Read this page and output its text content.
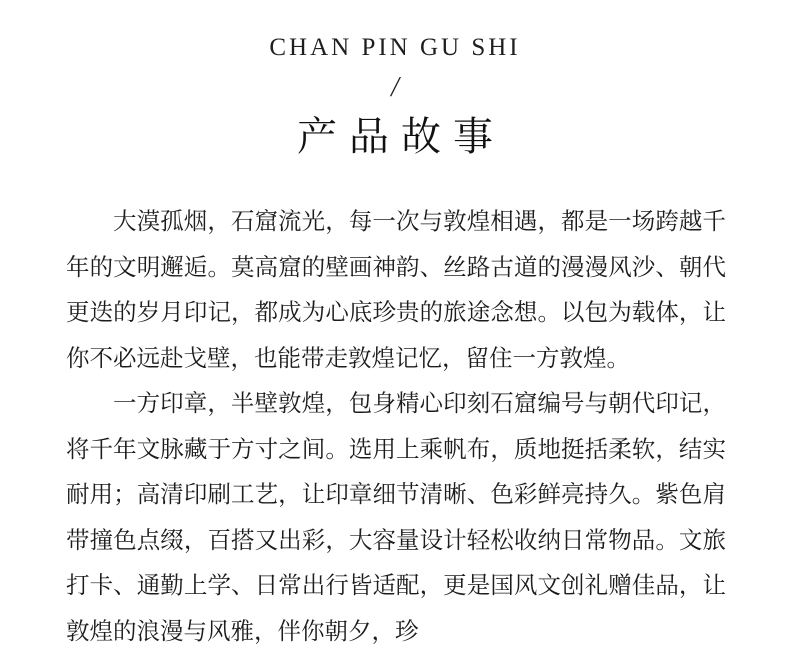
CHAN PIN GU SHI
/
产品故事

大漠孤烟，石窟流光，每一次与敦煌相遇，都是一场跨越千年的文明邂逅。莫高窟的壁画神韵、丝路古道的漫漫风沙、朝代更迭的岁月印记，都成为心底珍贵的旅途念想。以包为载体，让你不必远赴戈壁，也能带走敦煌记忆，留住一方敦煌。

一方印章，半壁敦煌，包身精心印刻石窟编号与朝代印记，将千年文脉藏于方寸之间。选用上乘帆布，质地挺括柔软，结实耐用；高清印刷工艺，让印章细节清晰、色彩鲜亮持久。紫色肩带撞色点缀，百搭又出彩，大容量设计轻松收纳日常物品。文旅打卡、通勤上学、日常出行皆适配，更是国风文创礼赠佳品，让敦煌的浪漫与风雅，伴你朝夕，珍
